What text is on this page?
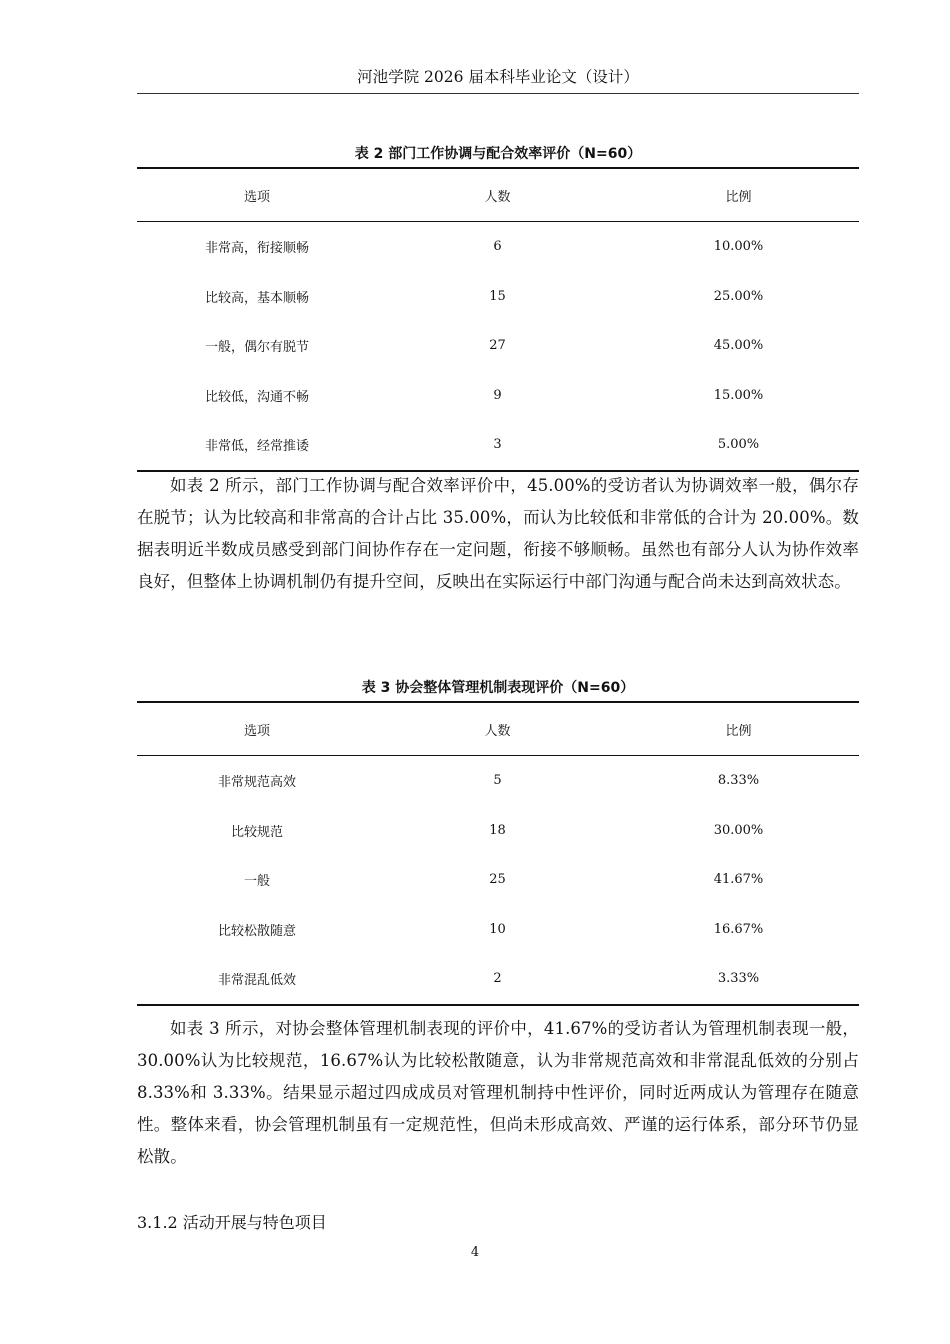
河池学院 2026 届本科毕业论文（设计）
表 2 部门工作协调与配合效率评价（N=60）
选项	人数	比例
非常高，衔接顺畅	6	10.00%
比较高，基本顺畅	15	25.00%
一般，偶尔有脱节	27	45.00%
比较低，沟通不畅	9	15.00%
非常低，经常推诿	3	5.00%

如表 2 所示，部门工作协调与配合效率评价中，45.00%的受访者认为协调效率一般，偶尔存在脱节；认为比较高和非常高的合计占比 35.00%，而认为比较低和非常低的合计为 20.00%。数据表明近半数成员感受到部门间协作存在一定问题，衔接不够顺畅。虽然也有部分人认为协作效率良好，但整体上协调机制仍有提升空间，反映出在实际运行中部门沟通与配合尚未达到高效状态。

表 3 协会整体管理机制表现评价（N=60）
选项	人数	比例
非常规范高效	5	8.33%
比较规范	18	30.00%
一般	25	41.67%
比较松散随意	10	16.67%
非常混乱低效	2	3.33%

如表 3 所示，对协会整体管理机制表现的评价中，41.67%的受访者认为管理机制表现一般，30.00%认为比较规范，16.67%认为比较松散随意，认为非常规范高效和非常混乱低效的分别占 8.33%和 3.33%。结果显示超过四成成员对管理机制持中性评价，同时近两成认为管理存在随意性。整体来看，协会管理机制虽有一定规范性，但尚未形成高效、严谨的运行体系，部分环节仍显松散。

3.1.2 活动开展与特色项目
4
